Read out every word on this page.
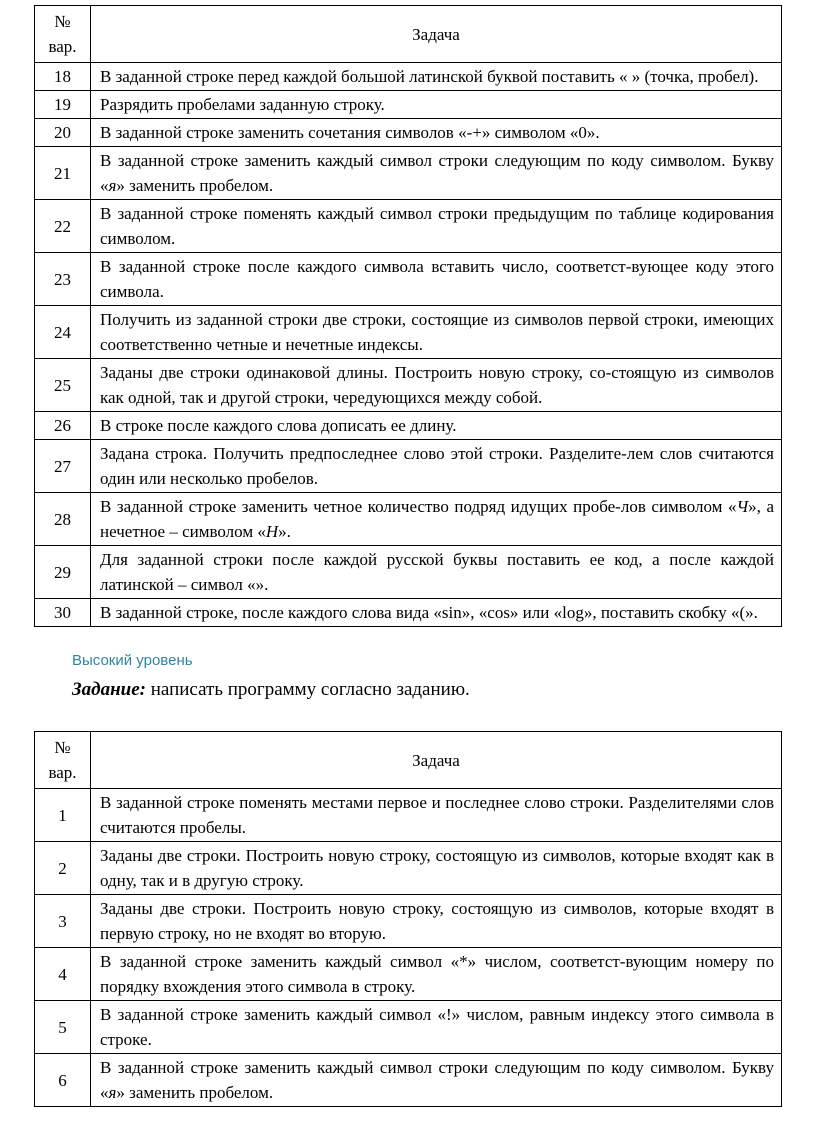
№
вар.	Задача
18	В заданной строке перед каждой большой латинской буквой поставить « » (точка, пробел).
19	Разрядить пробелами заданную строку.
20	В заданной строке заменить сочетания символов «-+» символом «0».
21	В заданной строке заменить каждый символ строки следующим по коду символом. Букву «я» заменить пробелом.
22	В заданной строке поменять каждый символ строки предыдущим по таблице кодирования символом.
23	В заданной строке после каждого символа вставить число, соответст-вующее коду этого символа.
24	Получить из заданной строки две строки, состоящие из символов первой строки, имеющих соответственно четные и нечетные индексы.
25	Заданы две строки одинаковой длины. Построить новую строку, со-стоящую из символов как одной, так и другой строки, чередующихся между собой.
26	В строке после каждого слова дописать ее длину.
27	Задана строка. Получить предпоследнее слово этой строки. Разделите-лем слов считаются один или несколько пробелов.
28	В заданной строке заменить четное количество подряд идущих пробе-лов символом «Ч», а нечетное – символом «Н».
29	Для заданной строки после каждой русской буквы поставить ее код, а после каждой латинской – символ «».
30	В заданной строке, после каждого слова вида «sin», «cos» или «log», поставить скобку «(».
Высокий уровень

Задание: написать программу согласно заданию.

№
вар.	Задача
1	В заданной строке поменять местами первое и последнее слово строки. Разделителями слов считаются пробелы.
2	Заданы две строки. Построить новую строку, состоящую из символов, которые входят как в одну, так и в другую строку.
3	Заданы две строки. Построить новую строку, состоящую из символов, которые входят в первую строку, но не входят во вторую.
4	В заданной строке заменить каждый символ «*» числом, соответст-вующим номеру по порядку вхождения этого символа в строку.
5	В заданной строке заменить каждый символ «!» числом, равным индексу этого символа в строке.
6	В заданной строке заменить каждый символ строки следующим по коду символом. Букву «я» заменить пробелом.
